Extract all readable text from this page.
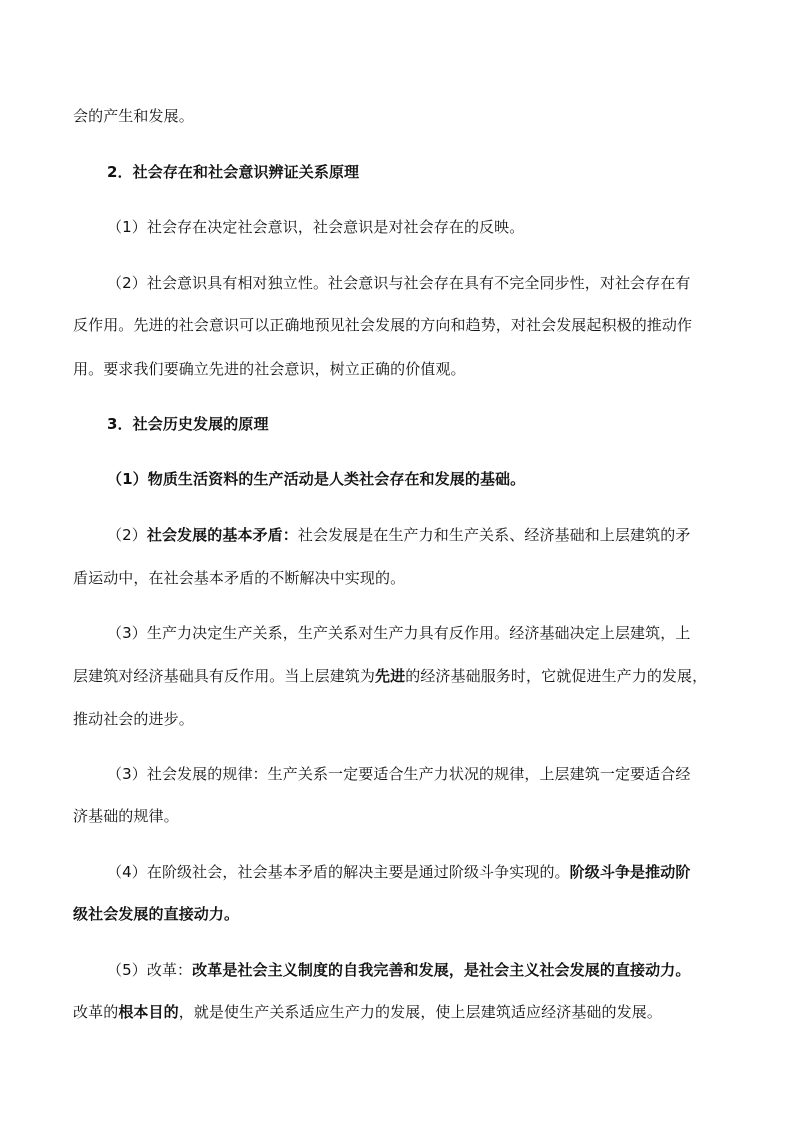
会的产生和发展。
2．社会存在和社会意识辨证关系原理
（1）社会存在决定社会意识，社会意识是对社会存在的反映。
（2）社会意识具有相对独立性。社会意识与社会存在具有不完全同步性，对社会存在有
反作用。先进的社会意识可以正确地预见社会发展的方向和趋势，对社会发展起积极的推动作
用。要求我们要确立先进的社会意识，树立正确的价值观。
3．社会历史发展的原理
（1）物质生活资料的生产活动是人类社会存在和发展的基础。
（2）社会发展的基本矛盾：社会发展是在生产力和生产关系、经济基础和上层建筑的矛
盾运动中，在社会基本矛盾的不断解决中实现的。
（3）生产力决定生产关系，生产关系对生产力具有反作用。经济基础决定上层建筑，上
层建筑对经济基础具有反作用。当上层建筑为先进的经济基础服务时，它就促进生产力的发展，
推动社会的进步。
（3）社会发展的规律：生产关系一定要适合生产力状况的规律，上层建筑一定要适合经
济基础的规律。
（4）在阶级社会，社会基本矛盾的解决主要是通过阶级斗争实现的。阶级斗争是推动阶
级社会发展的直接动力。
（5）改革：改革是社会主义制度的自我完善和发展，是社会主义社会发展的直接动力。
改革的根本目的，就是使生产关系适应生产力的发展，使上层建筑适应经济基础的发展。
